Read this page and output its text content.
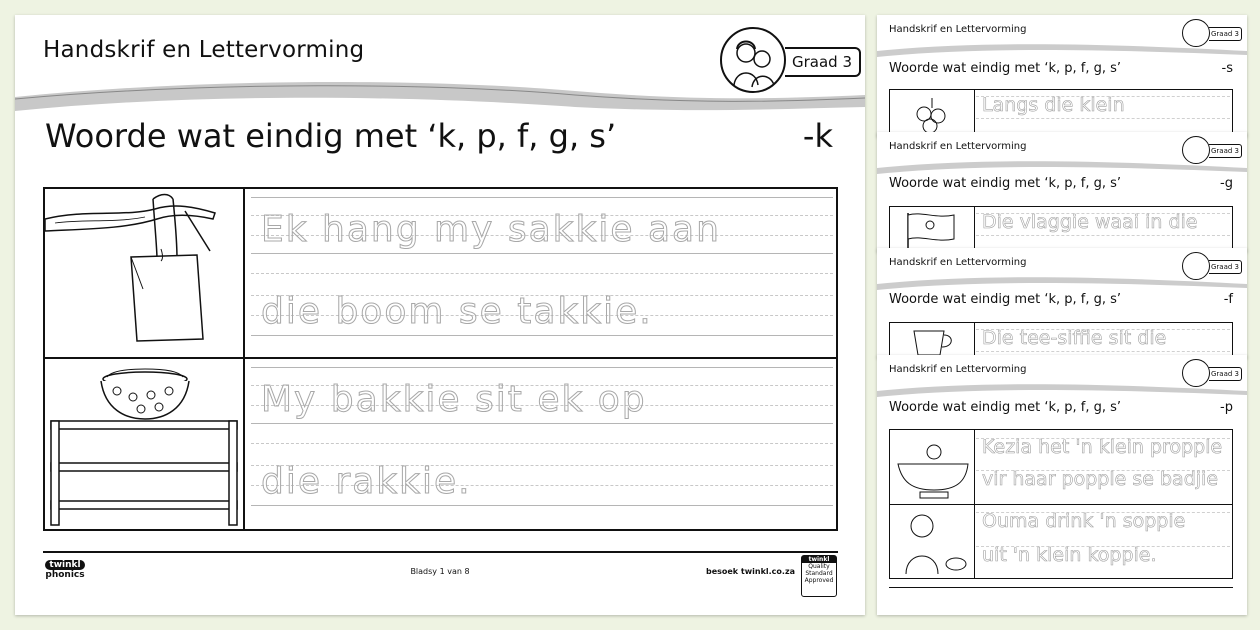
Handskrif en Lettervorming	Graad 3
Woorde wat eindig met ‘k, p, f, g, s’	-k
Ek hang my sakkie aan
die boom se takkie.
My bakkie sit ek op
die rakkie.
twinkl
phonics	Bladsy 1 van 8	besoek twinkl.co.za
twinkl
Quality Standard Approved
Handskrif en Lettervorming	Graad 3
Woorde wat eindig met ‘k, p, f, g, s’	-s
Langs die klein
Handskrif en Lettervorming	Graad 3
Woorde wat eindig met ‘k, p, f, g, s’	-g
Die vlaggie waai in die
Handskrif en Lettervorming	Graad 3
Woorde wat eindig met ‘k, p, f, g, s’	-f
Die tee-siffie sit die
Handskrif en Lettervorming	Graad 3
Woorde wat eindig met ‘k, p, f, g, s’	-p
Kezia het 'n klein propple
vir haar popple se badjie
Ouma drink 'n soppie
uit 'n klein koppie.
